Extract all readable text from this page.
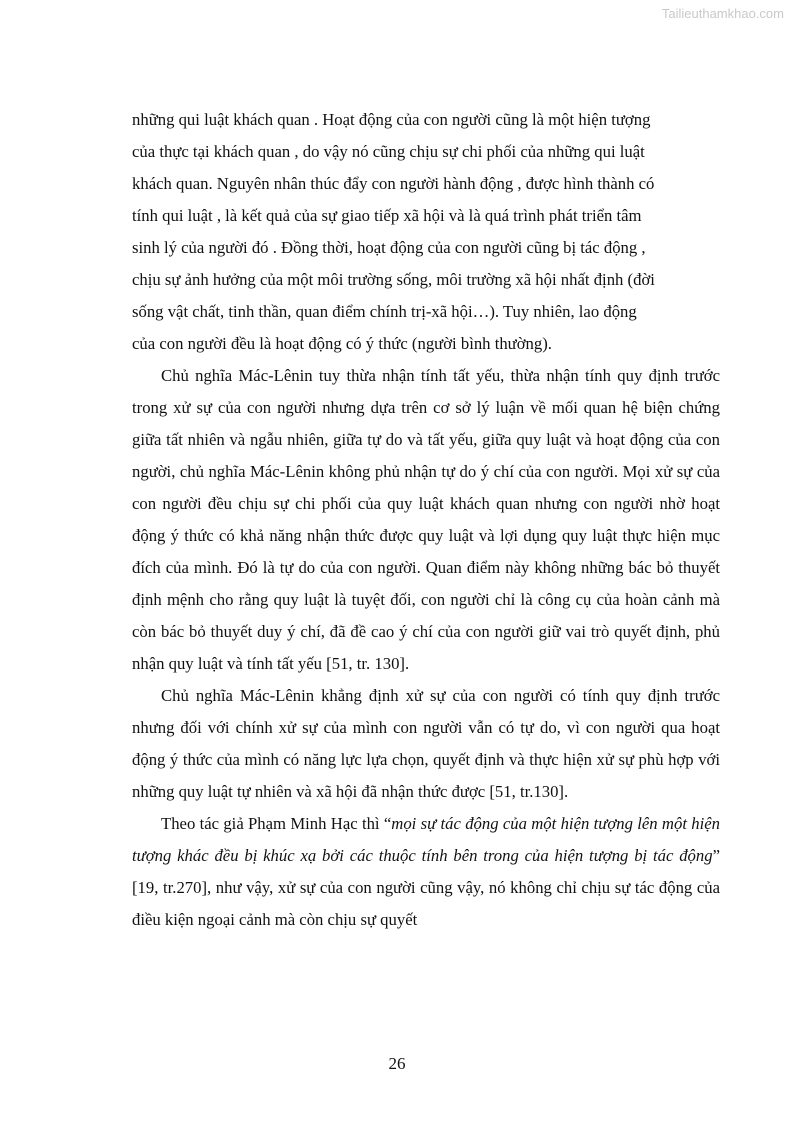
Tailieuthamkhao.com

những qui luật khách quan . Hoạt động của con người cũng là một hiện tượng
của thực tại khách quan , do vậy nó cũng chịu sự chi phối của những qui luật
khách quan. Nguyên nhân thúc đẩy con người hành động , được hình thành có
tính qui luật , là kết quả của sự giao tiếp xã hội và là quá trình phát triển tâm
sinh lý của người đó . Đồng thời, hoạt động của con người cũng bị tác động ,
chịu sự ảnh hưởng của một môi trường sống, môi trường xã hội nhất định (đời
sống vật chất, tinh thần, quan điểm chính trị-xã hội…). Tuy nhiên, lao động
của con người đều là hoạt động có ý thức (người bình thường).

Chủ nghĩa Mác-Lênin tuy thừa nhận tính tất yếu, thừa nhận tính quy định trước trong xử sự của con người nhưng dựa trên cơ sở lý luận về mối quan hệ biện chứng giữa tất nhiên và ngẫu nhiên, giữa tự do và tất yếu, giữa quy luật và hoạt động của con người, chủ nghĩa Mác-Lênin không phủ nhận tự do ý chí của con người. Mọi xử sự của con người đều chịu sự chi phối của quy luật khách quan nhưng con người nhờ hoạt động ý thức có khả năng nhận thức được quy luật và lợi dụng quy luật thực hiện mục đích của mình. Đó là tự do của con người. Quan điểm này không những bác bỏ thuyết định mệnh cho rằng quy luật là tuyệt đối, con người chỉ là công cụ của hoàn cảnh mà còn bác bỏ thuyết duy ý chí, đã đề cao ý chí của con người giữ vai trò quyết định, phủ nhận quy luật và tính tất yếu [51, tr. 130].

Chủ nghĩa Mác-Lênin khẳng định xử sự của con người có tính quy định trước nhưng đối với chính xử sự của mình con người vẫn có tự do, vì con người qua hoạt động ý thức của mình có năng lực lựa chọn, quyết định và thực hiện xử sự phù hợp với những quy luật tự nhiên và xã hội đã nhận thức được [51, tr.130].

Theo tác giả Phạm Minh Hạc thì “mọi sự tác động của một hiện tượng lên một hiện tượng khác đều bị khúc xạ bởi các thuộc tính bên trong của hiện tượng bị tác động” [19, tr.270], như vậy, xử sự của con người cũng vậy, nó không chỉ chịu sự tác động của điều kiện ngoại cảnh mà còn chịu sự quyết

26
